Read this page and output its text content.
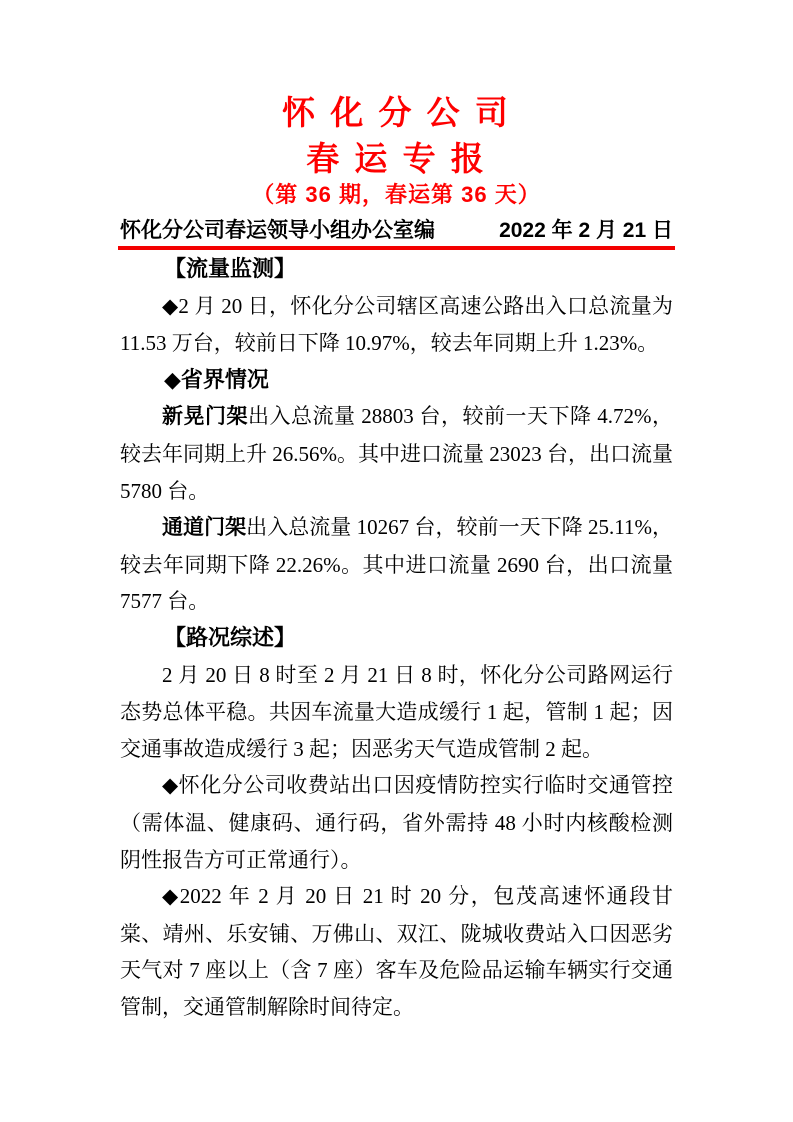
怀 化 分 公 司
春 运 专 报
（第 36 期，春运第 36 天）
怀化分公司春运领导小组办公室编	2022 年 2 月 21 日

【流量监测】

◆2 月 20 日，怀化分公司辖区高速公路出入口总流量为 11.53 万台，较前日下降 10.97%，较去年同期上升 1.23%。

◆省界情况

新晃门架出入总流量 28803 台，较前一天下降 4.72%，较去年同期上升 26.56%。其中进口流量 23023 台，出口流量 5780 台。

通道门架出入总流量 10267 台，较前一天下降 25.11%，较去年同期下降 22.26%。其中进口流量 2690 台，出口流量 7577 台。

【路况综述】

2 月 20 日 8 时至 2 月 21 日 8 时，怀化分公司路网运行态势总体平稳。共因车流量大造成缓行 1 起，管制 1 起；因交通事故造成缓行 3 起；因恶劣天气造成管制 2 起。

◆怀化分公司收费站出口因疫情防控实行临时交通管控（需体温、健康码、通行码，省外需持 48 小时内核酸检测阴性报告方可正常通行）。

◆2022 年 2 月 20 日 21 时 20 分，包茂高速怀通段甘棠、靖州、乐安铺、万佛山、双江、陇城收费站入口因恶劣天气对 7 座以上（含 7 座）客车及危险品运输车辆实行交通管制，交通管制解除时间待定。
